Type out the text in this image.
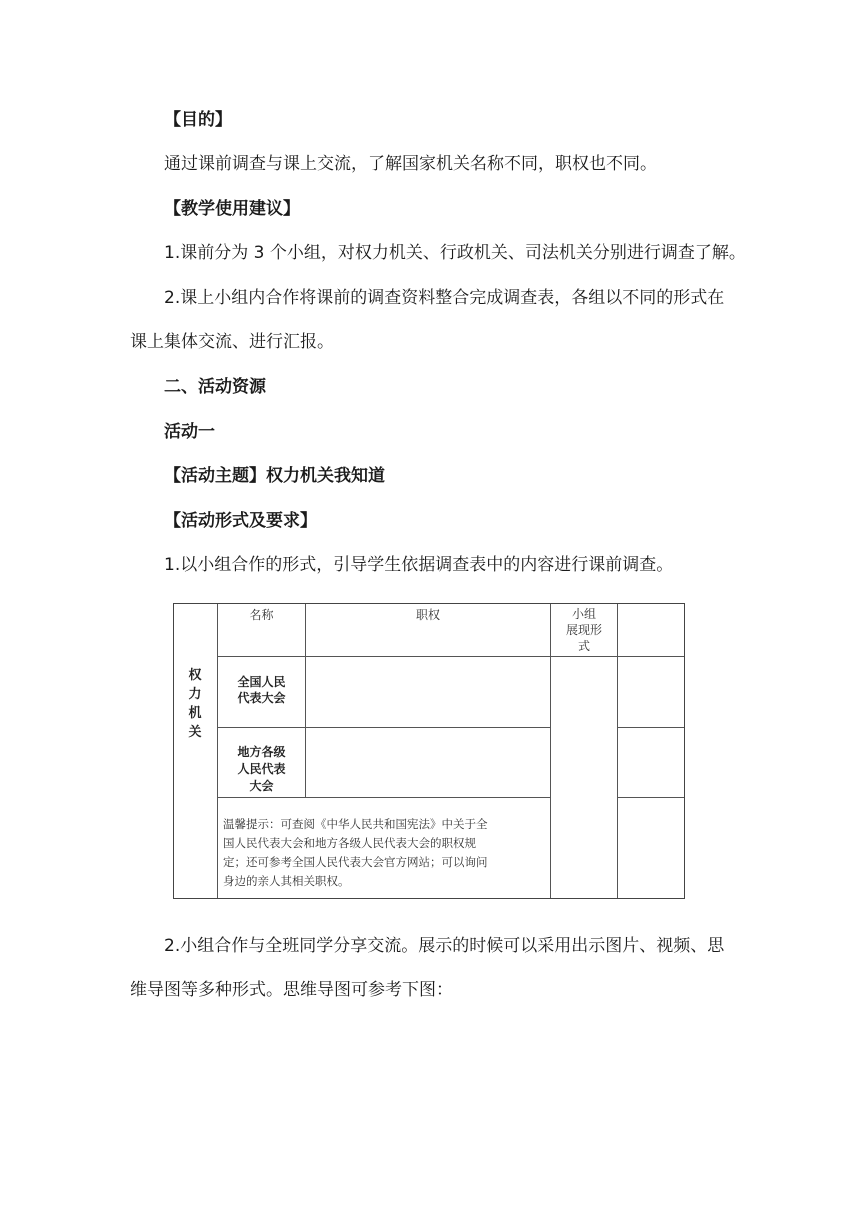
【目的】
通过课前调查与课上交流，了解国家机关名称不同，职权也不同。
【教学使用建议】
1.课前分为 3 个小组，对权力机关、行政机关、司法机关分别进行调查了解。
2.课上小组内合作将课前的调查资料整合完成调查表，各组以不同的形式在
课上集体交流、进行汇报。
二、活动资源
活动一
【活动主题】权力机关我知道
【活动形式及要求】
1.以小组合作的形式，引导学生依据调查表中的内容进行课前调查。
名称	职权	小组
展现形
式
权
力
机
关
全国人民
代表大会
地方各级
人民代表
大会
温馨提示：可查阅《中华人民共和国宪法》中关于全
国人民代表大会和地方各级人民代表大会的职权规
定；还可参考全国人民代表大会官方网站；可以询问
身边的亲人其相关职权。
2.小组合作与全班同学分享交流。展示的时候可以采用出示图片、视频、思
维导图等多种形式。思维导图可参考下图：
